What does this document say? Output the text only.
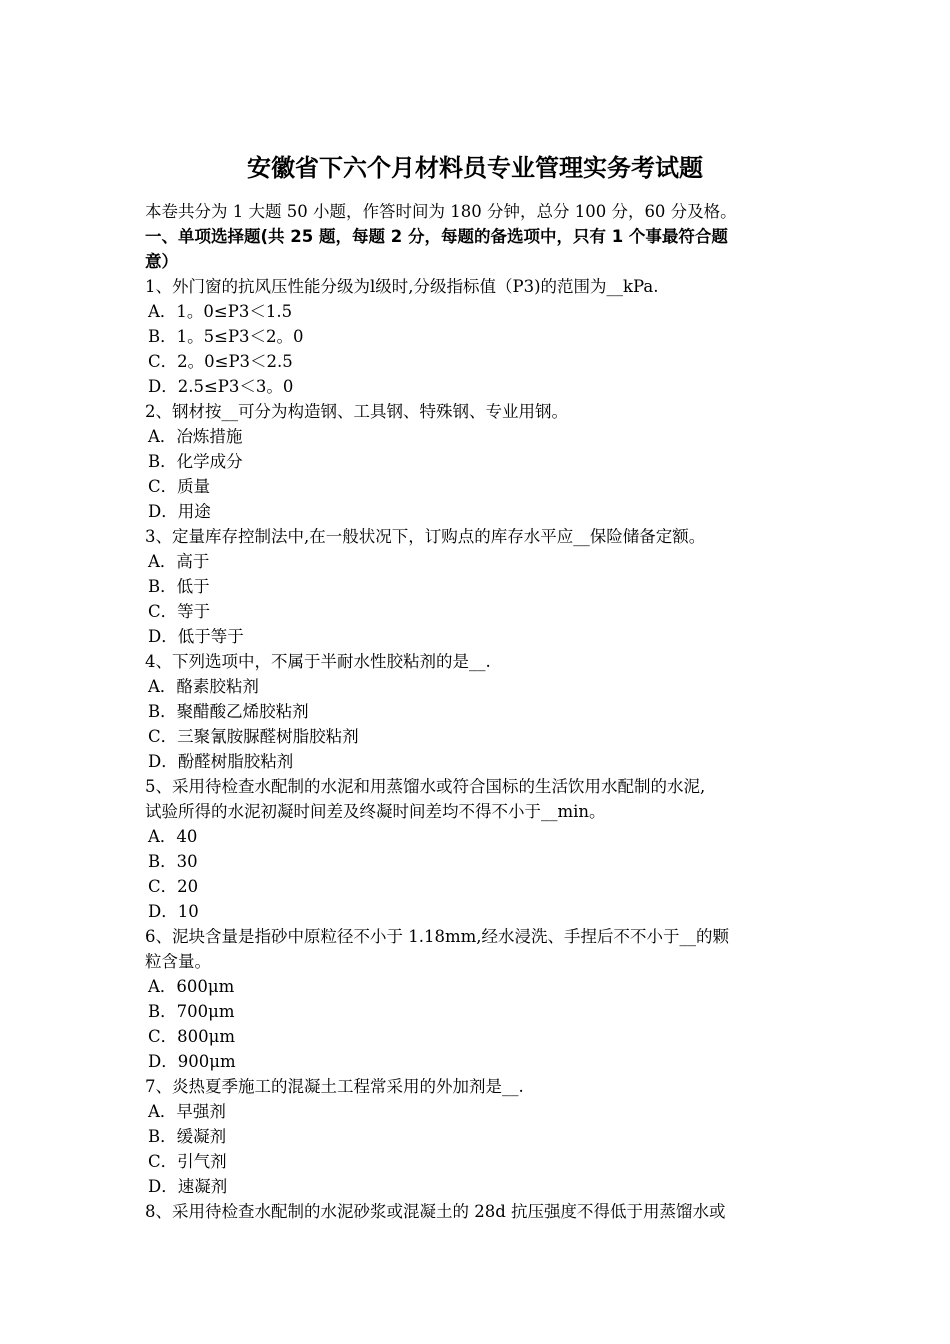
安徽省下六个月材料员专业管理实务考试题
本卷共分为 1 大题 50 小题，作答时间为 180 分钟，总分 100 分，60 分及格。
一、单项选择题(共 25 题，每题 2 分，每题的备选项中，只有 1 个事最符合题
意）
1、外门窗的抗风压性能分级为l级时,分级指标值（P3)的范围为__kPa.
A．1。0≤P3＜1.5
B．1。5≤P3＜2。0
C．2。0≤P3＜2.5
D．2.5≤P3＜3。0
2、钢材按__可分为构造钢、工具钢、特殊钢、专业用钢。
A．冶炼措施
B．化学成分
C．质量
D．用途
3、定量库存控制法中,在一般状况下，订购点的库存水平应__保险储备定额。
A．高于
B．低于
C．等于
D．低于等于
4、下列选项中，不属于半耐水性胶粘剂的是__.
A．酪素胶粘剂
B．聚醋酸乙烯胶粘剂
C．三聚氰胺脲醛树脂胶粘剂
D．酚醛树脂胶粘剂
5、采用待检查水配制的水泥和用蒸馏水或符合国标的生活饮用水配制的水泥,
试验所得的水泥初凝时间差及终凝时间差均不得不小于__min。
A．40
B．30
C．20
D．10
6、泥块含量是指砂中原粒径不小于 1.18mm,经水浸洗、手捏后不不小于__的颗
粒含量。
A．600μm
B．700μm
C．800μm
D．900μm
7、炎热夏季施工的混凝土工程常采用的外加剂是__.
A．早强剂
B．缓凝剂
C．引气剂
D．速凝剂
8、采用待检查水配制的水泥砂浆或混凝土的 28d 抗压强度不得低于用蒸馏水或
